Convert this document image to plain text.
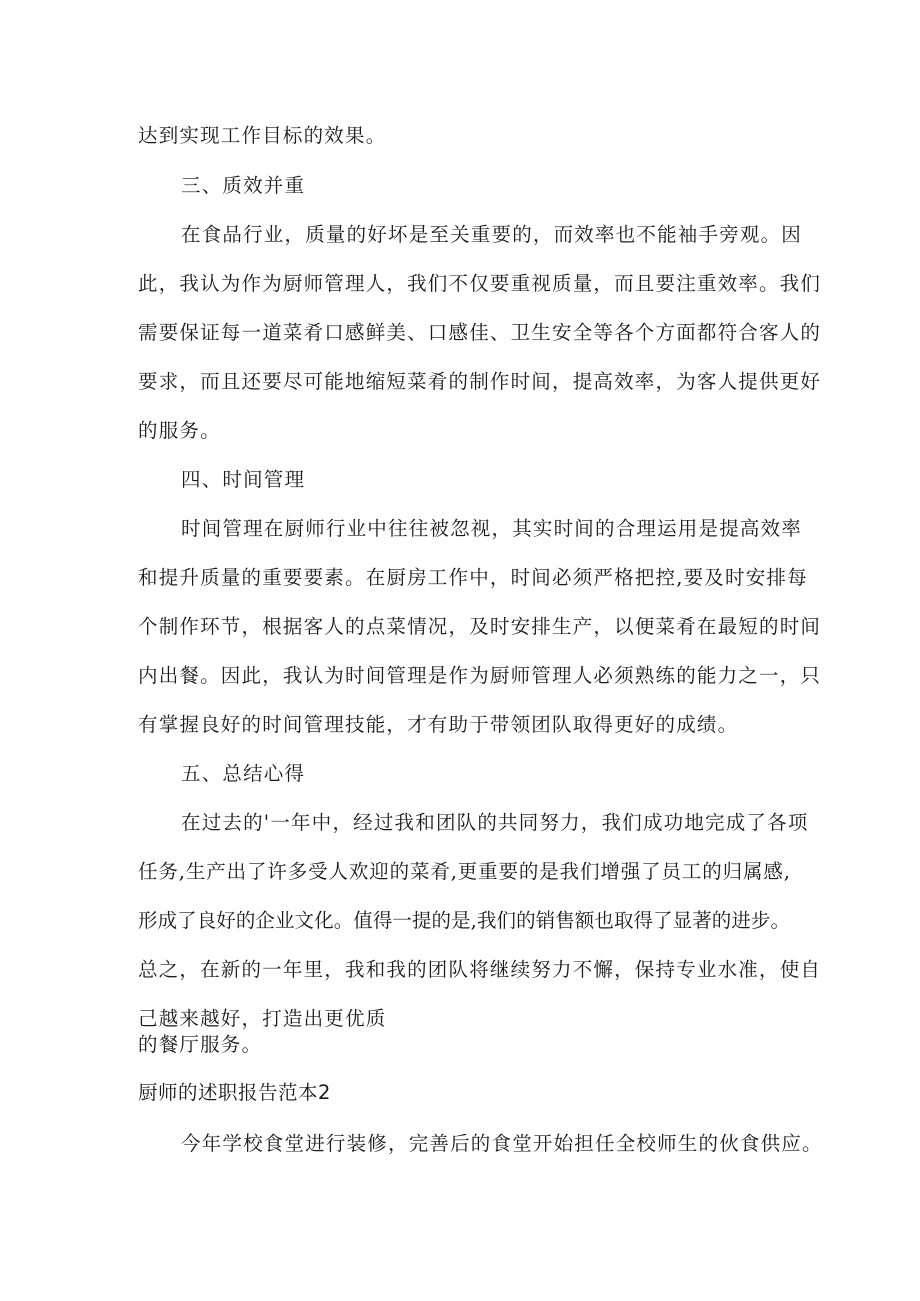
达到实现工作目标的效果。
三、质效并重
在食品行业，质量的好坏是至关重要的，而效率也不能袖手旁观。因
此，我认为作为厨师管理人，我们不仅要重视质量，而且要注重效率。我们
需要保证每一道菜肴口感鲜美、口感佳、卫生安全等各个方面都符合客人的
要求，而且还要尽可能地缩短菜肴的制作时间，提高效率，为客人提供更好
的服务。
四、时间管理
时间管理在厨师行业中往往被忽视，其实时间的合理运用是提高效率
和提升质量的重要要素。在厨房工作中，时间必须严格把控,要及时安排每
个制作环节，根据客人的点菜情况，及时安排生产，以便菜肴在最短的时间
内出餐。因此，我认为时间管理是作为厨师管理人必须熟练的能力之一，只
有掌握良好的时间管理技能，才有助于带领团队取得更好的成绩。
五、总结心得
在过去的'一年中，经过我和团队的共同努力，我们成功地完成了各项
任务,生产出了许多受人欢迎的菜肴,更重要的是我们增强了员工的归属感,
形成了良好的企业文化。值得一提的是,我们的销售额也取得了显著的进步。
总之，在新的一年里，我和我的团队将继续努力不懈，保持专业水准，使自
己越来越好，打造出更优质
的餐厅服务。
厨师的述职报告范本2
今年学校食堂进行装修，完善后的食堂开始担任全校师生的伙食供应。
